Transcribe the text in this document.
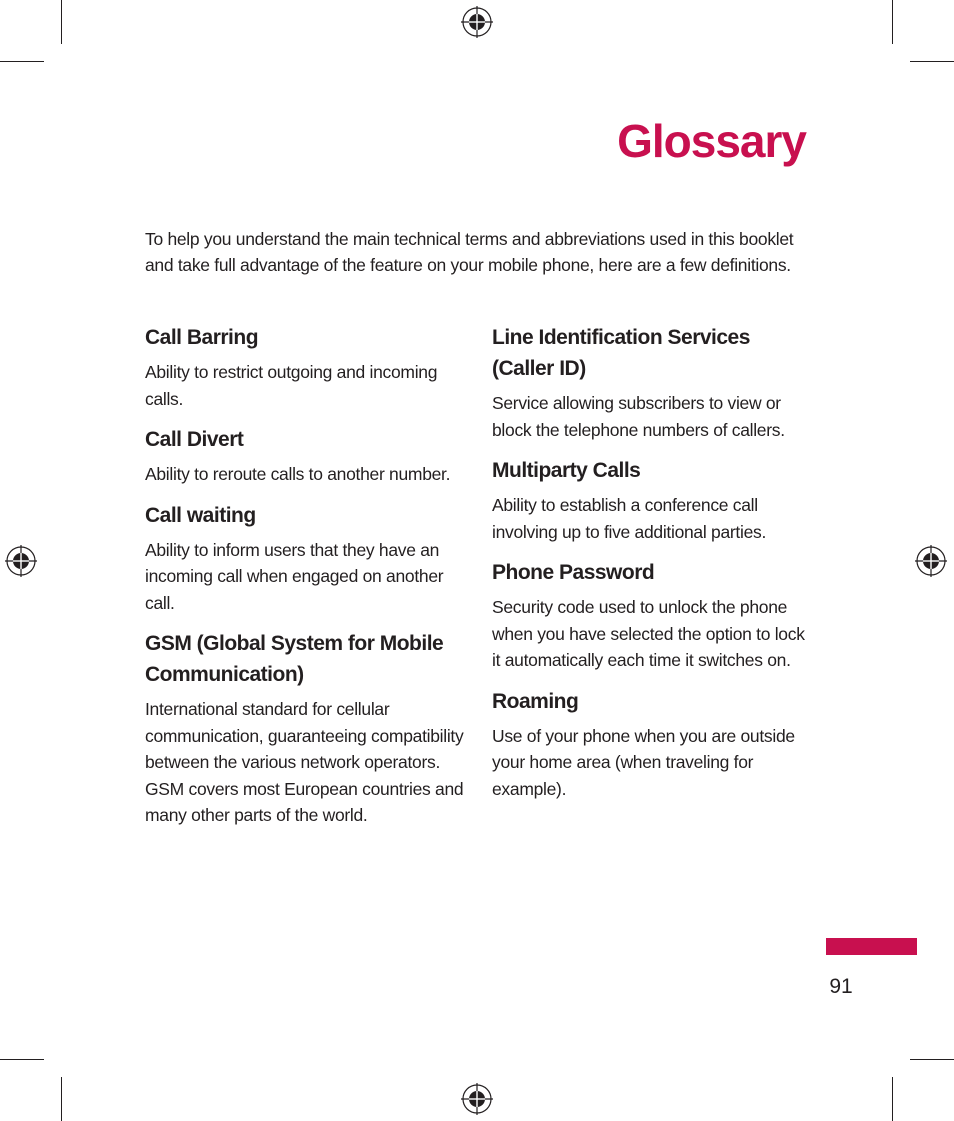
Glossary

To help you understand the main technical terms and abbreviations used in this booklet and take full advantage of the feature on your mobile phone, here are a few definitions.

Call Barring

Ability to restrict outgoing and incoming calls.

Call Divert

Ability to reroute calls to another number.

Call waiting

Ability to inform users that they have an incoming call when engaged on another call.

GSM (Global System for Mobile Communication)

International standard for cellular communication, guaranteeing compatibility between the various network operators. GSM covers most European countries and many other parts of the world.

Line Identification Services (Caller ID)

Service allowing subscribers to view or block the telephone numbers of callers.

Multiparty Calls

Ability to establish a conference call involving up to five additional parties.

Phone Password

Security code used to unlock the phone when you have selected the option to lock it automatically each time it switches on.

Roaming

Use of your phone when you are outside your home area (when traveling for example).

91
